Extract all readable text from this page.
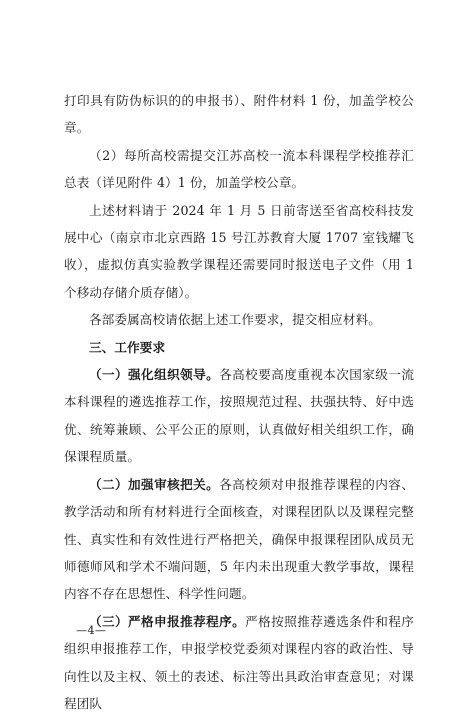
打印具有防伪标识的的申报书）、附件材料 1 份，加盖学校公章。

（2）每所高校需提交江苏高校一流本科课程学校推荐汇总表（详见附件 4）1 份，加盖学校公章。

上述材料请于 2024 年 1 月 5 日前寄送至省高校科技发展中心（南京市北京西路 15 号江苏教育大厦 1707 室钱耀飞收），虚拟仿真实验教学课程还需要同时报送电子文件（用 1 个移动存储介质存储）。

各部委属高校请依据上述工作要求，提交相应材料。

三、工作要求

（一）强化组织领导。各高校要高度重视本次国家级一流本科课程的遴选推荐工作，按照规范过程、扶强扶特、好中选优、统筹兼顾、公平公正的原则，认真做好相关组织工作，确保课程质量。

（二）加强审核把关。各高校须对申报推荐课程的内容、教学活动和所有材料进行全面核查，对课程团队以及课程完整性、真实性和有效性进行严格把关，确保申报课程团队成员无师德师风和学术不端问题，5 年内未出现重大教学事故，课程内容不存在思想性、科学性问题。

（三）严格申报推荐程序。严格按照推荐遴选条件和程序组织申报推荐工作，申报学校党委须对课程内容的政治性、导向性以及主权、领土的表述、标注等出具政治审查意见；对课程团队

—4—
